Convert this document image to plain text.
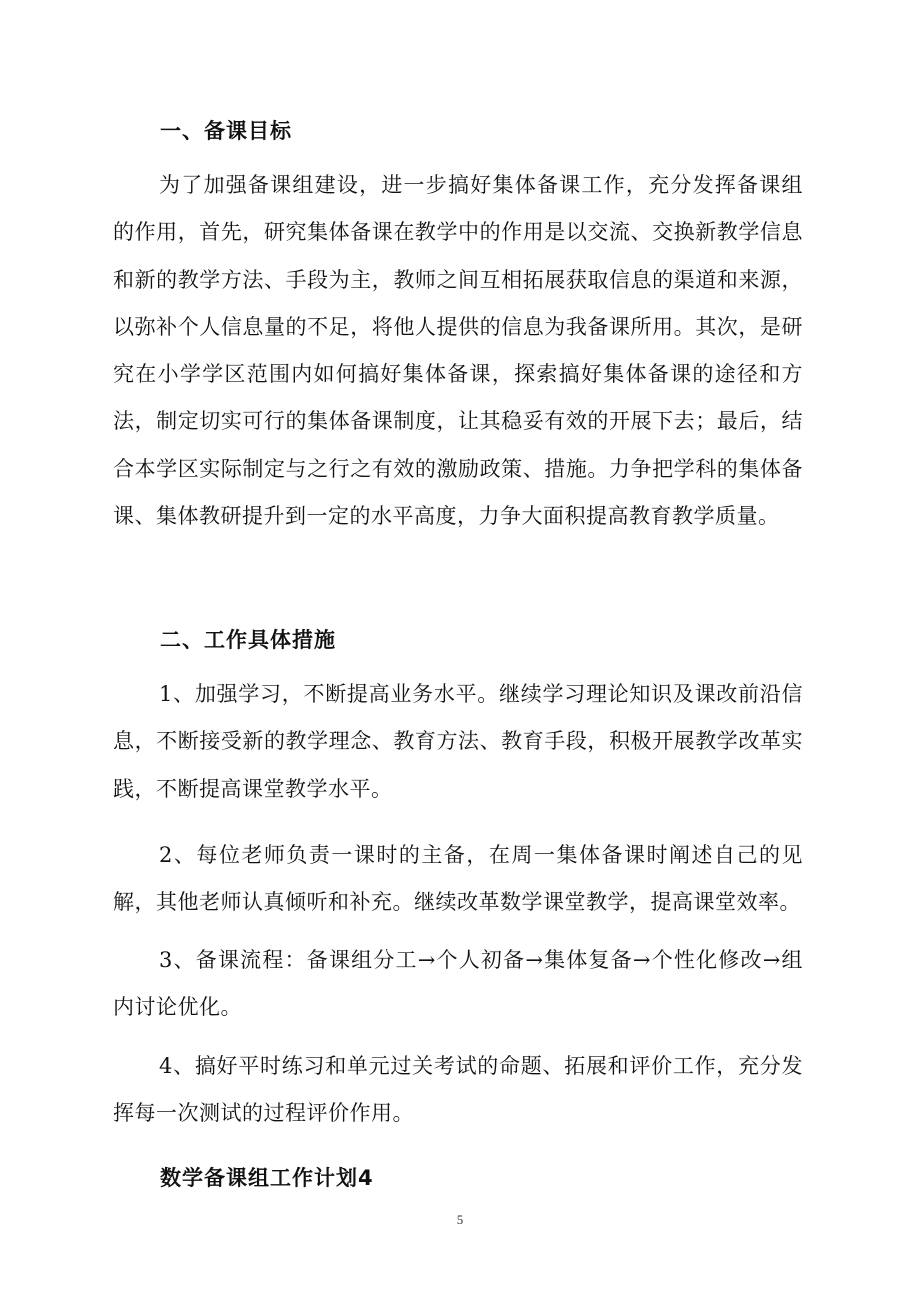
一、备课目标

为了加强备课组建设，进一步搞好集体备课工作，充分发挥备课组的作用，首先，研究集体备课在教学中的作用是以交流、交换新教学信息和新的教学方法、手段为主，教师之间互相拓展获取信息的渠道和来源，以弥补个人信息量的不足，将他人提供的信息为我备课所用。其次，是研究在小学学区范围内如何搞好集体备课，探索搞好集体备课的途径和方法，制定切实可行的集体备课制度，让其稳妥有效的开展下去；最后，结合本学区实际制定与之行之有效的激励政策、措施。力争把学科的集体备课、集体教研提升到一定的水平高度，力争大面积提高教育教学质量。

二、工作具体措施

1、加强学习，不断提高业务水平。继续学习理论知识及课改前沿信息，不断接受新的教学理念、教育方法、教育手段，积极开展教学改革实践，不断提高课堂教学水平。

2、每位老师负责一课时的主备，在周一集体备课时阐述自己的见解，其他老师认真倾听和补充。继续改革数学课堂教学，提高课堂效率。

3、备课流程：备课组分工→个人初备→集体复备→个性化修改→组内讨论优化。

4、搞好平时练习和单元过关考试的命题、拓展和评价工作，充分发挥每一次测试的过程评价作用。

数学备课组工作计划4
5
